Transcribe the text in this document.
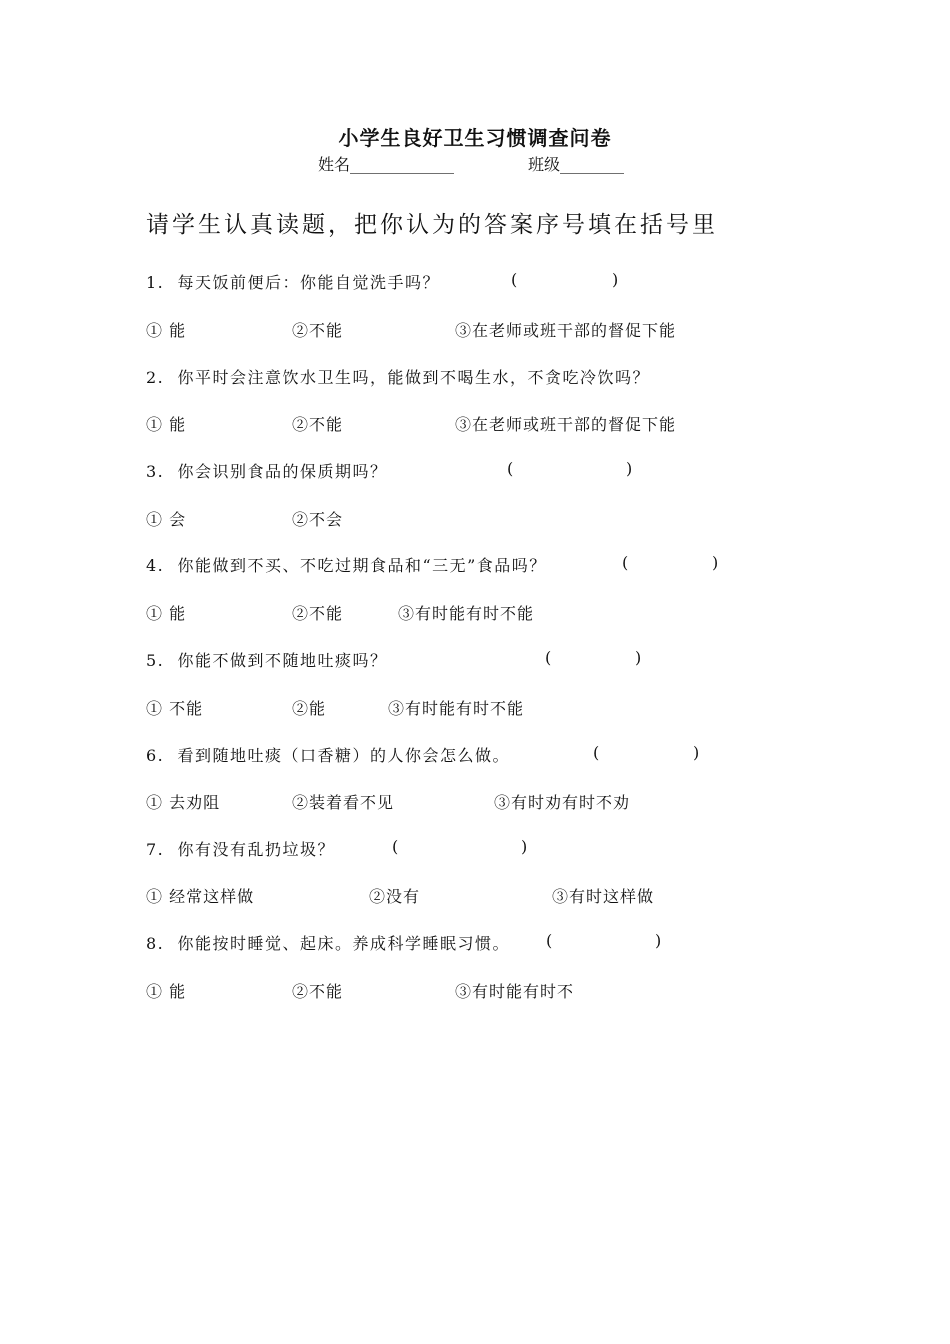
小学生良好卫生习惯调查问卷
姓名_____________	班级________
请学生认真读题，把你认为的答案序号填在括号里
1.  每天饭前便后：你能自觉洗手吗？	(	)
① 能	②不能	③在老师或班干部的督促下能
2.  你平时会注意饮水卫生吗，能做到不喝生水，不贪吃冷饮吗？
① 能	②不能	③在老师或班干部的督促下能
3.  你会识别食品的保质期吗？	(	)
① 会	②不会
4.  你能做到不买、不吃过期食品和“三无”食品吗？	(	)
① 能	②不能	③有时能有时不能
5.  你能不做到不随地吐痰吗？	(	)
① 不能	②能	③有时能有时不能
6.  看到随地吐痰（口香糖）的人你会怎么做。	(	)
① 去劝阻	②装着看不见	③有时劝有时不劝
7.  你有没有乱扔垃圾？	(	)
① 经常这样做	②没有	③有时这样做
8.  你能按时睡觉、起床。养成科学睡眠习惯。 (	)
① 能	②不能	③有时能有时不
